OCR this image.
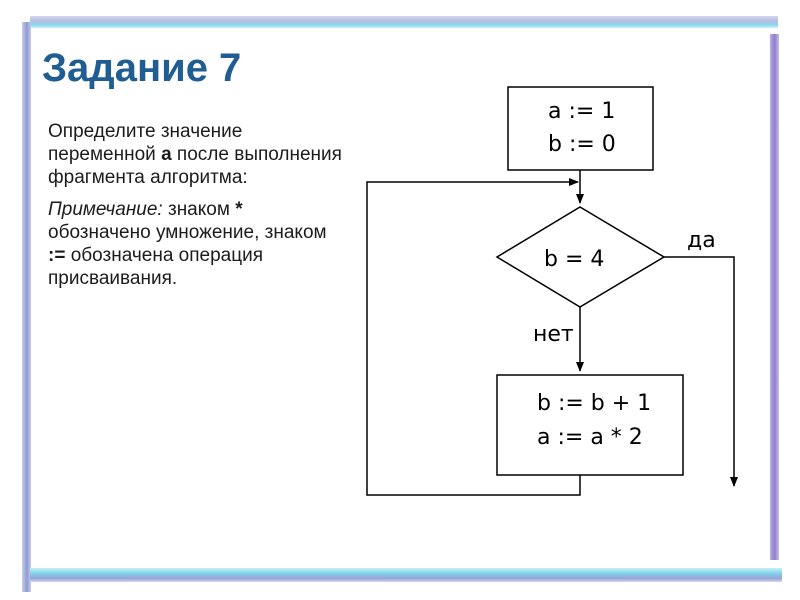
Задание 7

Определите значение переменной a после выполнения фрагмента алгоритма:

Примечание: знаком * обозначено умножение, знаком := обозначена операция присваивания.

a := 1
b := 0
b = 4
да
нет
b := b + 1
a := a * 2
